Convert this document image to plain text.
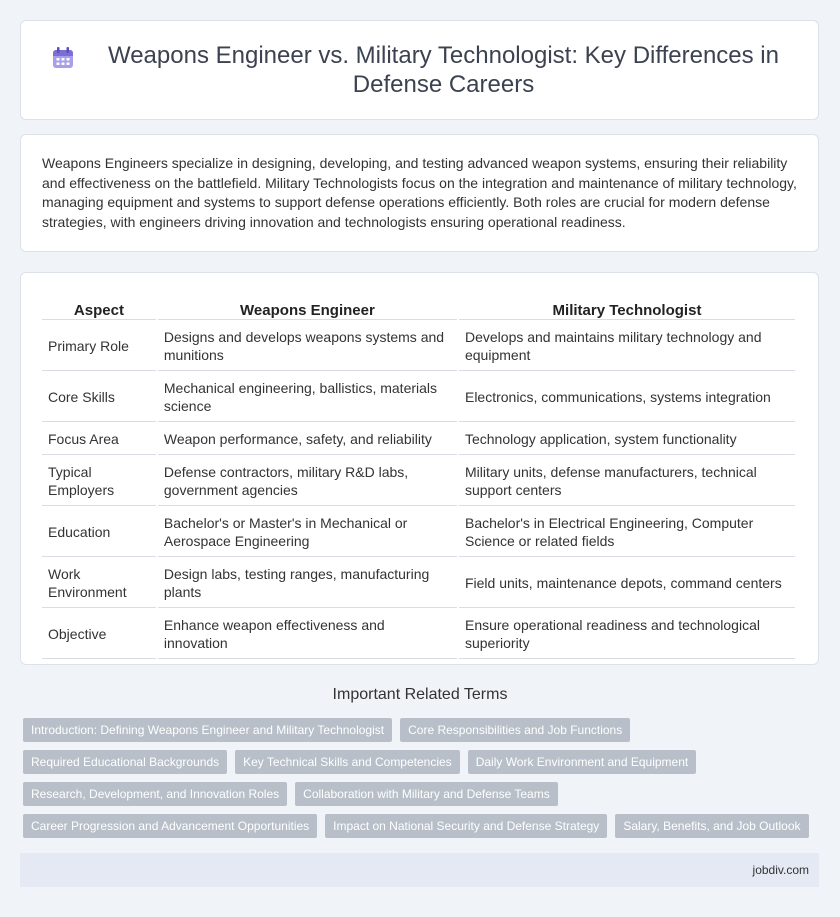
Weapons Engineer vs. Military Technologist: Key Differences in Defense Careers

Weapons Engineers specialize in designing, developing, and testing advanced weapon systems, ensuring their reliability and effectiveness on the battlefield. Military Technologists focus on the integration and maintenance of military technology, managing equipment and systems to support defense operations efficiently. Both roles are crucial for modern defense strategies, with engineers driving innovation and technologists ensuring operational readiness.

Aspect	Weapons Engineer	Military Technologist
Primary Role	Designs and develops weapons systems and munitions	Develops and maintains military technology and equipment
Core Skills	Mechanical engineering, ballistics, materials science	Electronics, communications, systems integration
Focus Area	Weapon performance, safety, and reliability	Technology application, system functionality
Typical Employers	Defense contractors, military R&D labs, government agencies	Military units, defense manufacturers, technical support centers
Education	Bachelor's or Master's in Mechanical or Aerospace Engineering	Bachelor's in Electrical Engineering, Computer Science or related fields
Work Environment	Design labs, testing ranges, manufacturing plants	Field units, maintenance depots, command centers
Objective	Enhance weapon effectiveness and innovation	Ensure operational readiness and technological superiority
Important Related Terms
Introduction: Defining Weapons Engineer and Military Technologist	Core Responsibilities and Job Functions
Required Educational Backgrounds	Key Technical Skills and Competencies	Daily Work Environment and Equipment
Research, Development, and Innovation Roles	Collaboration with Military and Defense Teams
Career Progression and Advancement Opportunities	Impact on National Security and Defense Strategy	Salary, Benefits, and Job Outlook
jobdiv.com
